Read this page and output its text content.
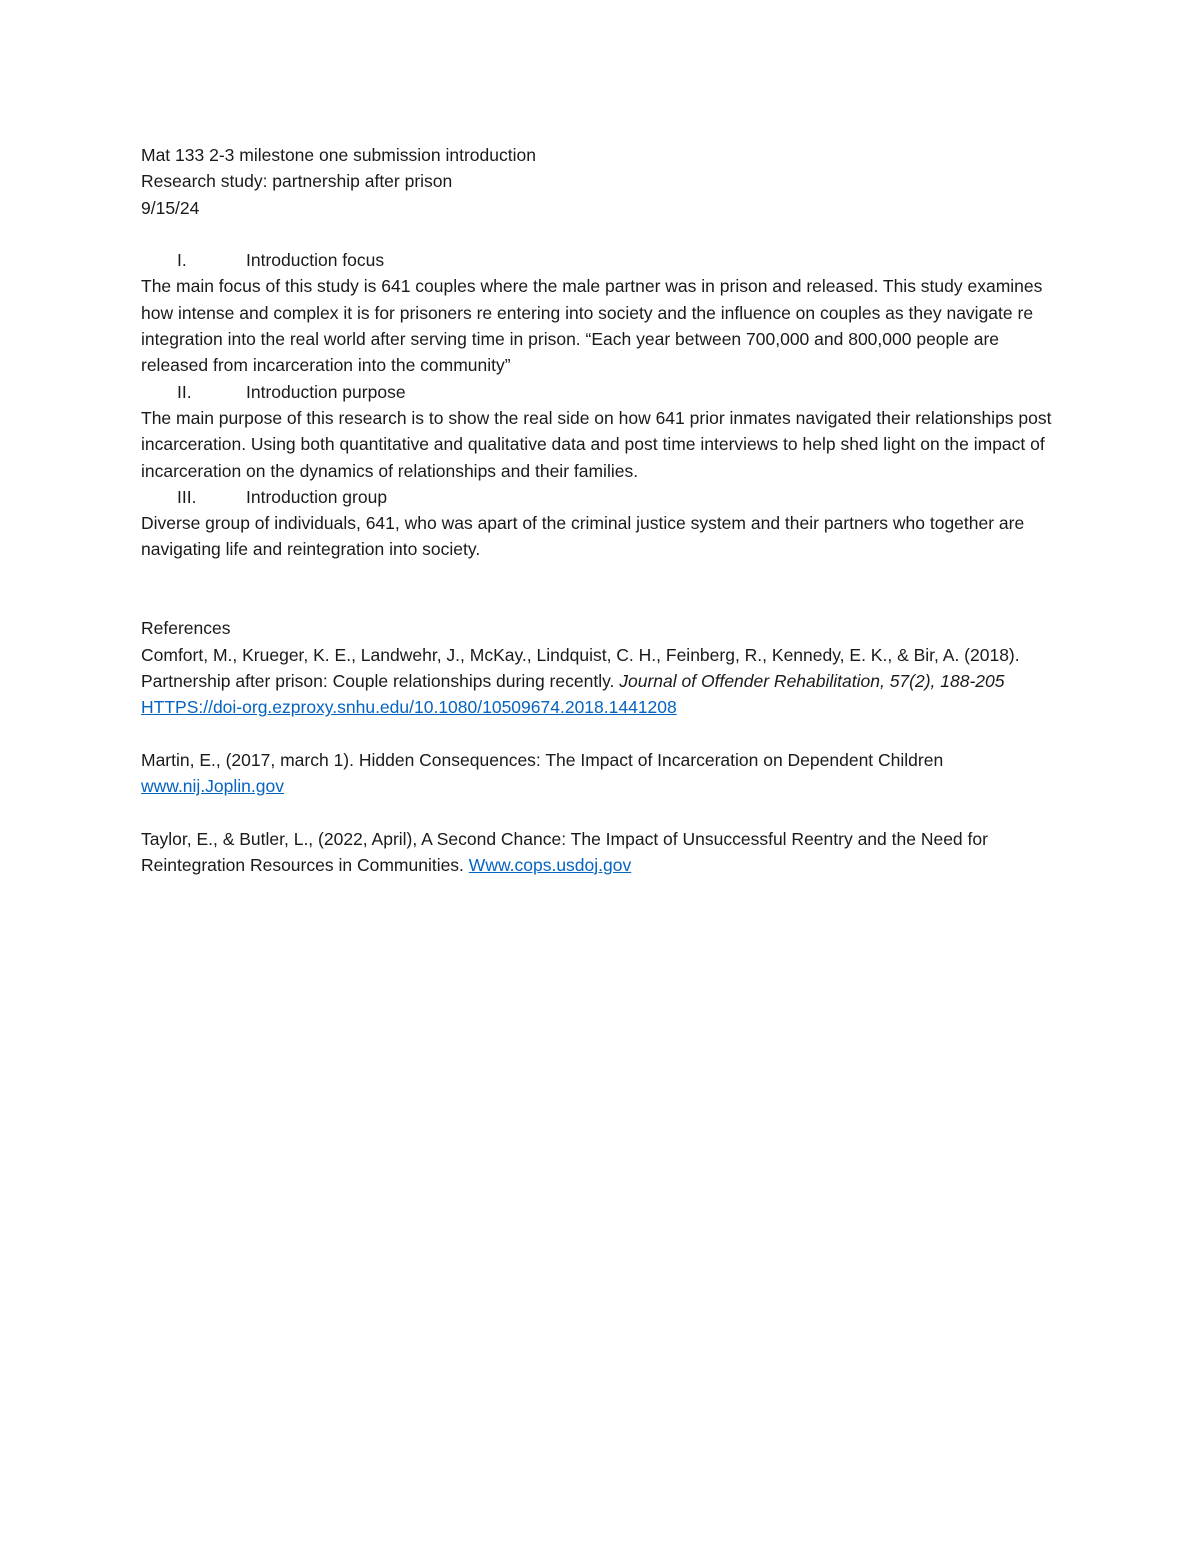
Mat 133 2-3 milestone one submission introduction
Research study: partnership after prison
9/15/24
I.	Introduction focus

The main focus of this study is 641 couples where the male partner was in prison and released. This study examines how intense and complex it is for prisoners re entering into society and the influence on couples as they navigate re integration into the real world after serving time in prison. “Each year between 700,000 and 800,000 people are released from incarceration into the community”

II.	Introduction purpose

The main purpose of this research is to show the real side on how 641 prior inmates navigated their relationships post incarceration. Using both quantitative and qualitative data and post time interviews to help shed light on the impact of incarceration on the dynamics of relationships and their families.

III.	Introduction group

Diverse group of individuals, 641, who was apart of the criminal justice system and their partners who together are navigating life and reintegration into society.

References

Comfort, M., Krueger, K. E., Landwehr, J., McKay., Lindquist, C. H., Feinberg, R., Kennedy, E. K., & Bir, A. (2018). Partnership after prison: Couple relationships during recently. Journal of Offender Rehabilitation, 57(2), 188-205
HTTPS://doi-org.ezproxy.snhu.edu/10.1080/10509674.2018.1441208

Martin, E., (2017, march 1). Hidden Consequences: The Impact of Incarceration on Dependent Children
www.nij.Joplin.gov

Taylor, E., & Butler, L., (2022, April), A Second Chance: The Impact of Unsuccessful Reentry and the Need for Reintegration Resources in Communities. Www.cops.usdoj.gov
